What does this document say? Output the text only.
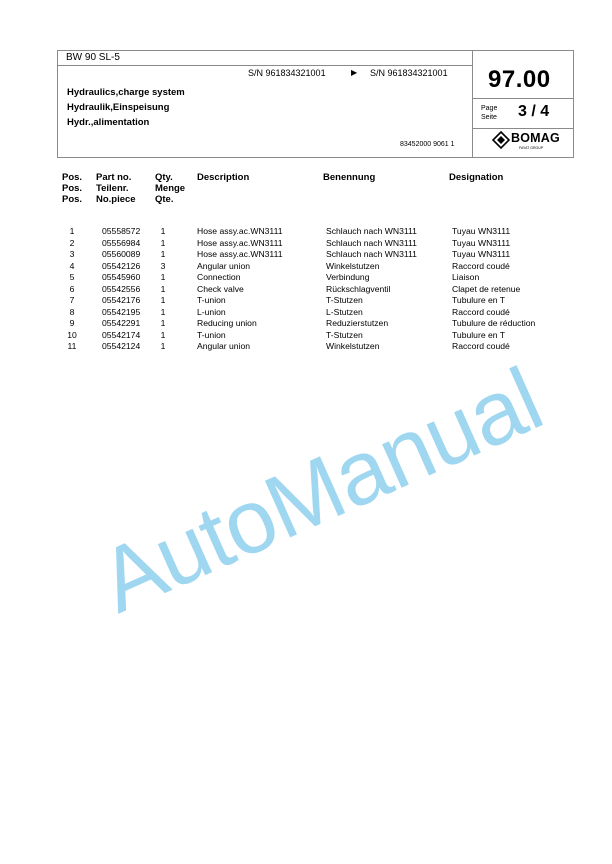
BW 90 SL-5
S/N 961834321001	▶ S/N 961834321001
Hydraulics,charge system
Hydraulik,Einspeisung
Hydr.,alimentation
83452000 9061 1
97.00
Page
Seite 3 / 4
BOMAG
FAYAT GROUP
Pos.
Pos.
Pos.
Part no.
Teilenr.
No.piece
Qty.
Menge
Qte.
Description	Benennung	Designation
1	05558572	1	Hose assy.ac.WN3111	Schlauch nach WN3111	Tuyau WN3111
2	05556984	1	Hose assy.ac.WN3111	Schlauch nach WN3111	Tuyau WN3111
3	05560089	1	Hose assy.ac.WN3111	Schlauch nach WN3111	Tuyau WN3111
4	05542126	3	Angular union	Winkelstutzen	Raccord coudé
5	05545960	1	Connection	Verbindung	Liaison
6	05542556	1	Check valve	Rückschlagventil	Clapet de retenue
7	05542176	1	T-union	T-Stutzen	Tubulure en T
8	05542195	1	L-union	L-Stutzen	Raccord coudé
9	05542291	1	Reducing union	Reduzierstutzen	Tubulure de réduction
10	05542174	1	T-union	T-Stutzen	Tubulure en T
11	05542124	1	Angular union	Winkelstutzen	Raccord coudé
AutoManual
